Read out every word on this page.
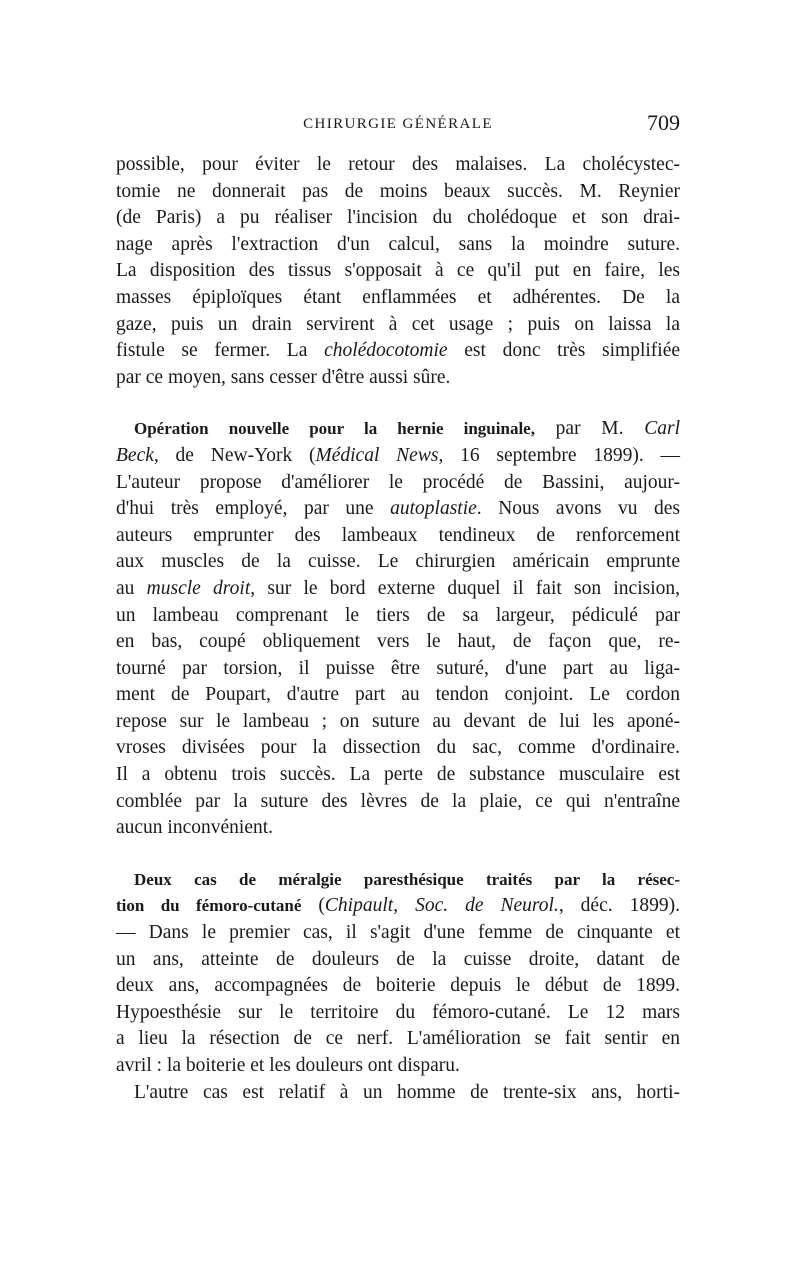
CHIRURGIE GÉNÉRALE	709
possible, pour éviter le retour des malaises. La cholécystec-
tomie ne donnerait pas de moins beaux succès. M. Reynier
(de Paris) a pu réaliser l'incision du cholédoque et son drai-
nage après l'extraction d'un calcul, sans la moindre suture.
La disposition des tissus s'opposait à ce qu'il put en faire, les
masses épiploïques étant enflammées et adhérentes. De la
gaze, puis un drain servirent à cet usage ; puis on laissa la
fistule se fermer. La cholédocotomie est donc très simplifiée
par ce moyen, sans cesser d'être aussi sûre.
Opération nouvelle pour la hernie inguinale, par M. Carl
Beck, de New-York (Médical News, 16 septembre 1899). —
L'auteur propose d'améliorer le procédé de Bassini, aujour-
d'hui très employé, par une autoplastie. Nous avons vu des
auteurs emprunter des lambeaux tendineux de renforcement
aux muscles de la cuisse. Le chirurgien américain emprunte
au muscle droit, sur le bord externe duquel il fait son incision,
un lambeau comprenant le tiers de sa largeur, pédiculé par
en bas, coupé obliquement vers le haut, de façon que, re-
tourné par torsion, il puisse être suturé, d'une part au liga-
ment de Poupart, d'autre part au tendon conjoint. Le cordon
repose sur le lambeau ; on suture au devant de lui les aponé-
vroses divisées pour la dissection du sac, comme d'ordinaire.
Il a obtenu trois succès. La perte de substance musculaire est
comblée par la suture des lèvres de la plaie, ce qui n'entraîne
aucun inconvénient.
Deux cas de méralgie paresthésique traités par la résec-
tion du fémoro-cutané (Chipault, Soc. de Neurol., déc. 1899).
— Dans le premier cas, il s'agit d'une femme de cinquante et
un ans, atteinte de douleurs de la cuisse droite, datant de
deux ans, accompagnées de boiterie depuis le début de 1899.
Hypoesthésie sur le territoire du fémoro-cutané. Le 12 mars
a lieu la résection de ce nerf. L'amélioration se fait sentir en
avril : la boiterie et les douleurs ont disparu.
L'autre cas est relatif à un homme de trente-six ans, horti-
